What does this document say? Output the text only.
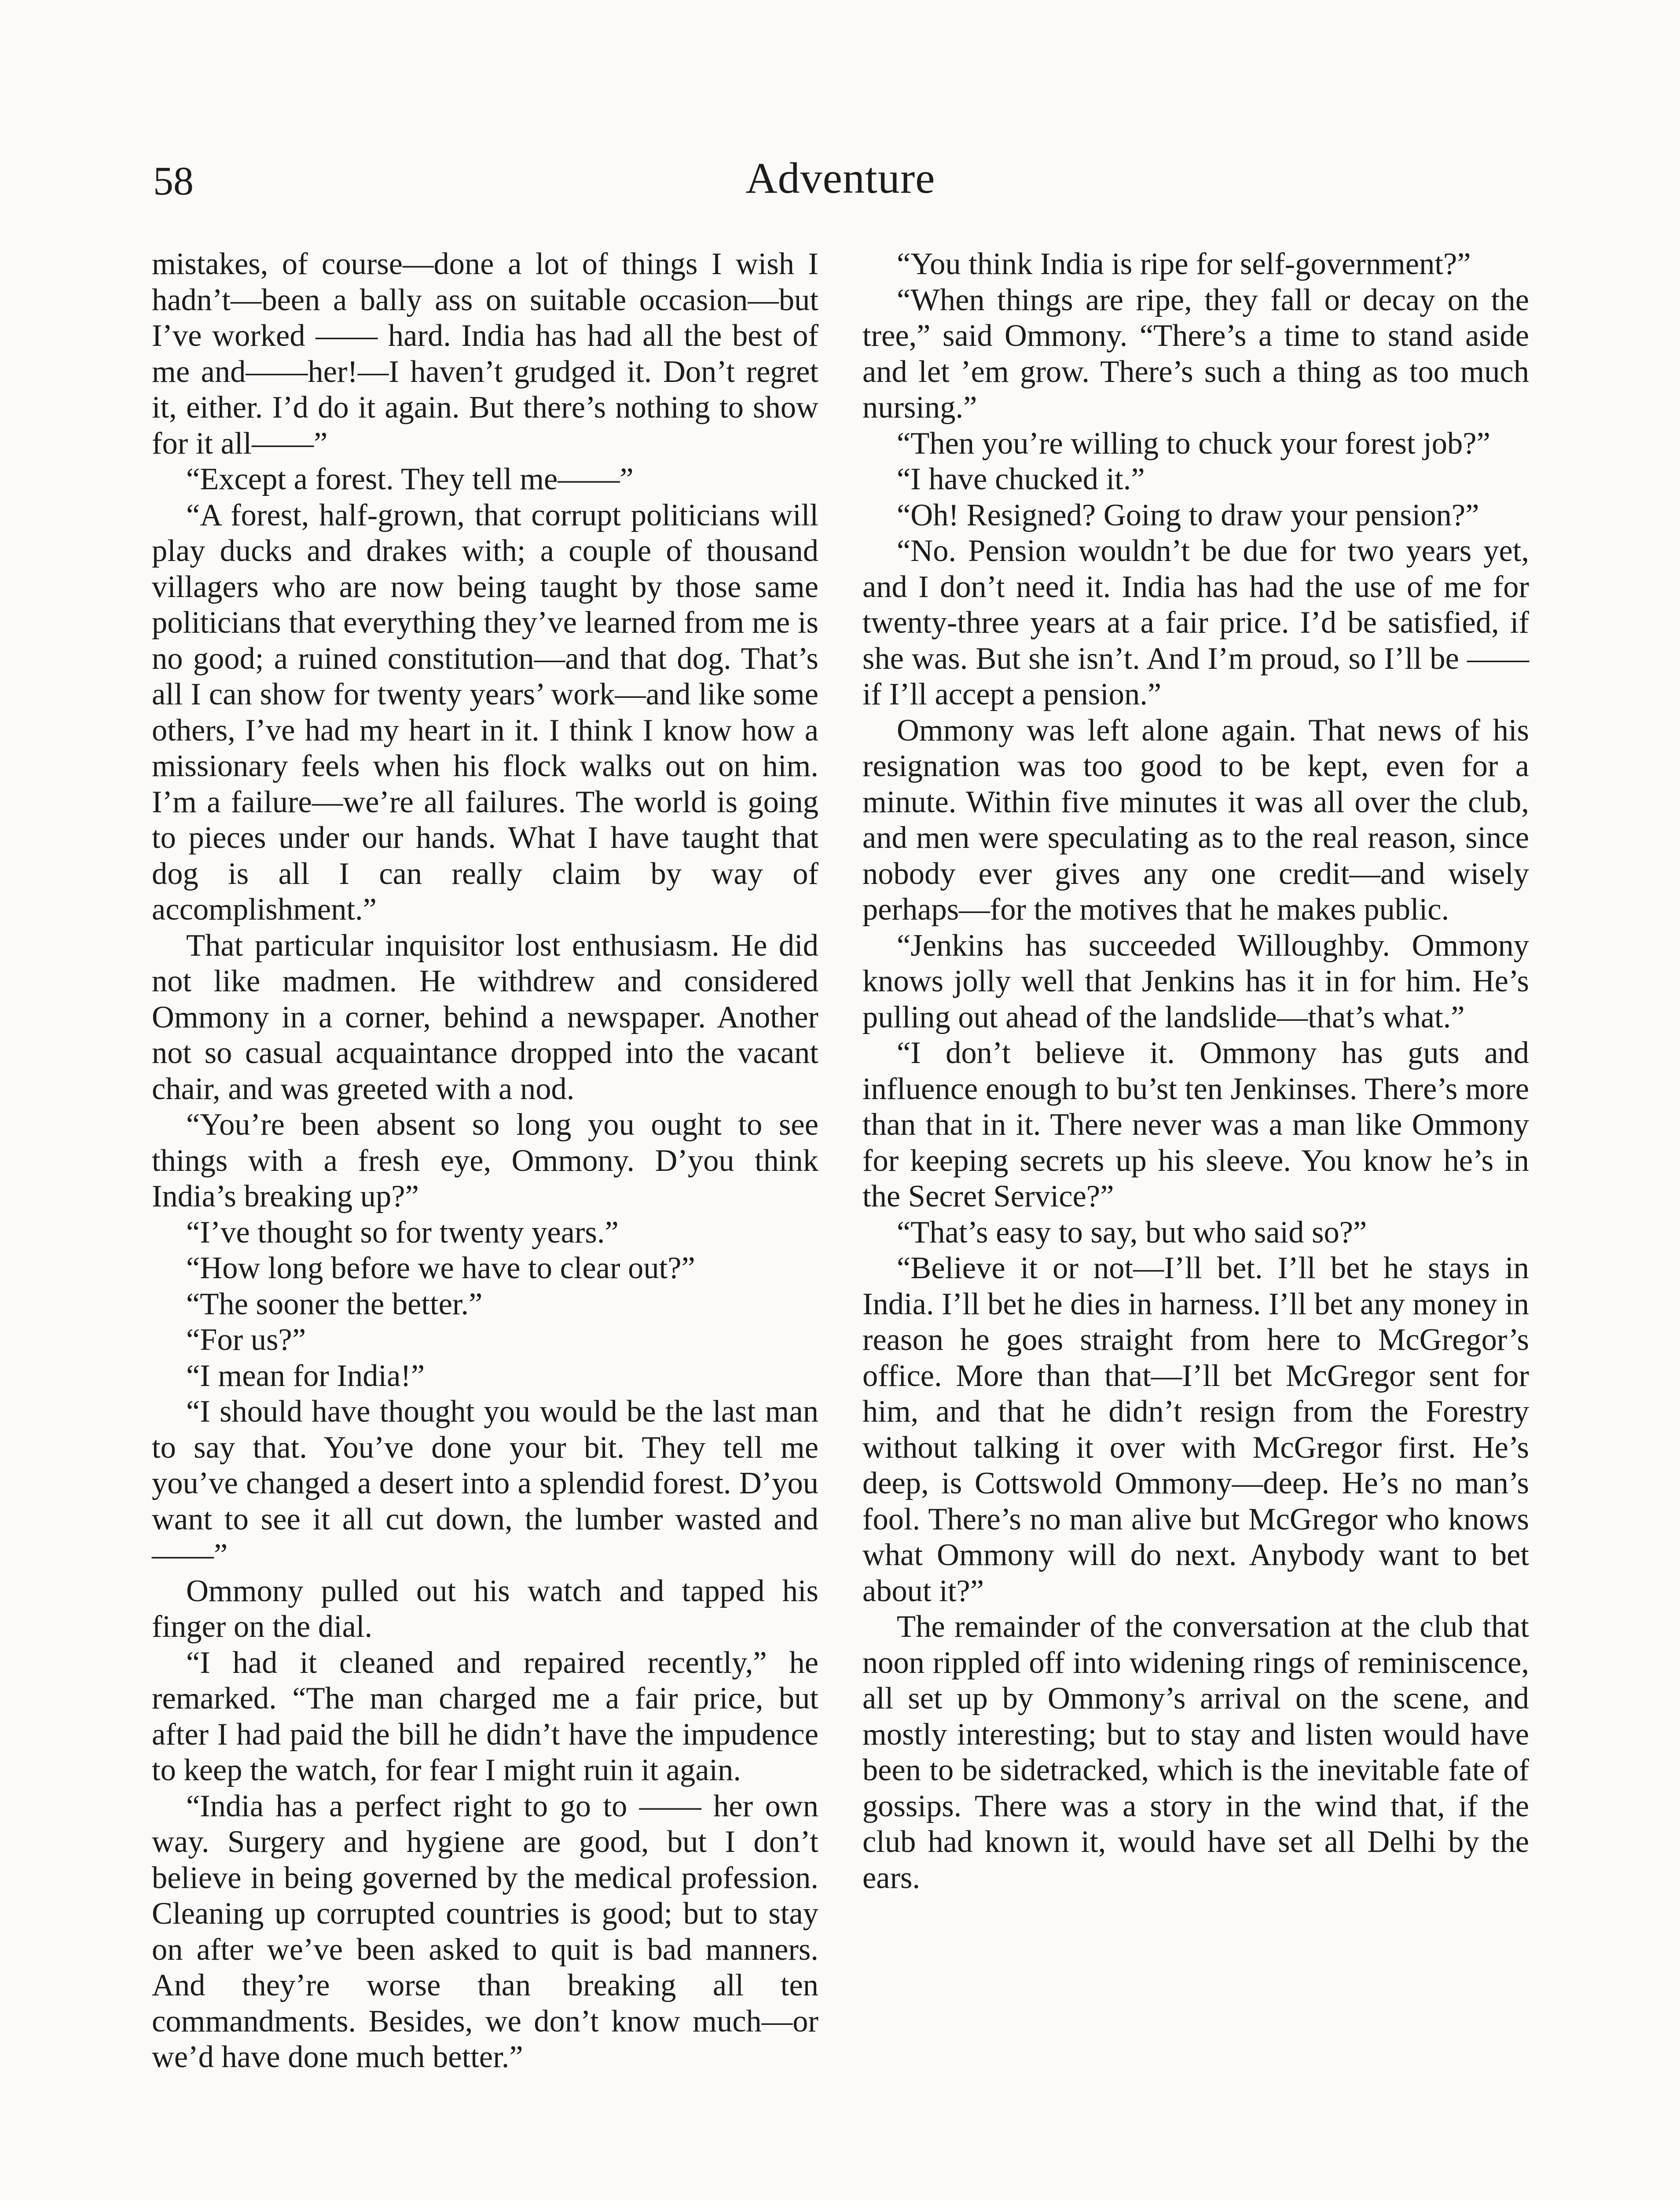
58	Adventure

mistakes, of course—done a lot of things I wish I hadn’t—been a bally ass on suitable occasion—but I’ve worked —— hard. India has had all the best of me and——her!—I haven’t grudged it. Don’t regret it, either. I’d do it again. But there’s nothing to show for it all——”

“Except a forest. They tell me——”

“A forest, half-grown, that corrupt politicians will play ducks and drakes with; a couple of thousand villagers who are now being taught by those same politicians that everything they’ve learned from me is no good; a ruined constitution—and that dog. That’s all I can show for twenty years’ work—and like some others, I’ve had my heart in it. I think I know how a missionary feels when his flock walks out on him. I’m a failure—we’re all failures. The world is going to pieces under our hands. What I have taught that dog is all I can really claim by way of accomplishment.”

That particular inquisitor lost enthusiasm. He did not like madmen. He withdrew and considered Ommony in a corner, behind a newspaper. Another not so casual acquaintance dropped into the vacant chair, and was greeted with a nod.

“You’re been absent so long you ought to see things with a fresh eye, Ommony. D’you think India’s breaking up?”

“I’ve thought so for twenty years.”

“How long before we have to clear out?”

“The sooner the better.”

“For us?”

“I mean for India!”

“I should have thought you would be the last man to say that. You’ve done your bit. They tell me you’ve changed a desert into a splendid forest. D’you want to see it all cut down, the lumber wasted and——”

Ommony pulled out his watch and tapped his finger on the dial.

“I had it cleaned and repaired recently,” he remarked. “The man charged me a fair price, but after I had paid the bill he didn’t have the impudence to keep the watch, for fear I might ruin it again.

“India has a perfect right to go to —— her own way. Surgery and hygiene are good, but I don’t believe in being governed by the medical profession. Cleaning up corrupted countries is good; but to stay on after we’ve been asked to quit is bad manners. And they’re worse than breaking all ten commandments. Besides, we don’t know much—or we’d have done much better.”

“You think India is ripe for self-government?”

“When things are ripe, they fall or decay on the tree,” said Ommony. “There’s a time to stand aside and let ’em grow. There’s such a thing as too much nursing.”

“Then you’re willing to chuck your forest job?”

“I have chucked it.”

“Oh! Resigned? Going to draw your pension?”

“No. Pension wouldn’t be due for two years yet, and I don’t need it. India has had the use of me for twenty-three years at a fair price. I’d be satisfied, if she was. But she isn’t. And I’m proud, so I’ll be —— if I’ll accept a pension.”

Ommony was left alone again. That news of his resignation was too good to be kept, even for a minute. Within five minutes it was all over the club, and men were speculating as to the real reason, since nobody ever gives any one credit—and wisely perhaps—for the motives that he makes public.

“Jenkins has succeeded Willoughby. Ommony knows jolly well that Jenkins has it in for him. He’s pulling out ahead of the landslide—that’s what.”

“I don’t believe it. Ommony has guts and influence enough to bu’st ten Jenkinses. There’s more than that in it. There never was a man like Ommony for keeping secrets up his sleeve. You know he’s in the Secret Service?”

“That’s easy to say, but who said so?”

“Believe it or not—I’ll bet. I’ll bet he stays in India. I’ll bet he dies in harness. I’ll bet any money in reason he goes straight from here to McGregor’s office. More than that—I’ll bet McGregor sent for him, and that he didn’t resign from the Forestry without talking it over with McGregor first. He’s deep, is Cottswold Ommony—deep. He’s no man’s fool. There’s no man alive but McGregor who knows what Ommony will do next. Anybody want to bet about it?”

The remainder of the conversation at the club that noon rippled off into widening rings of reminiscence, all set up by Ommony’s arrival on the scene, and mostly interesting; but to stay and listen would have been to be sidetracked, which is the inevitable fate of gossips. There was a story in the wind that, if the club had known it, would have set all Delhi by the ears.
